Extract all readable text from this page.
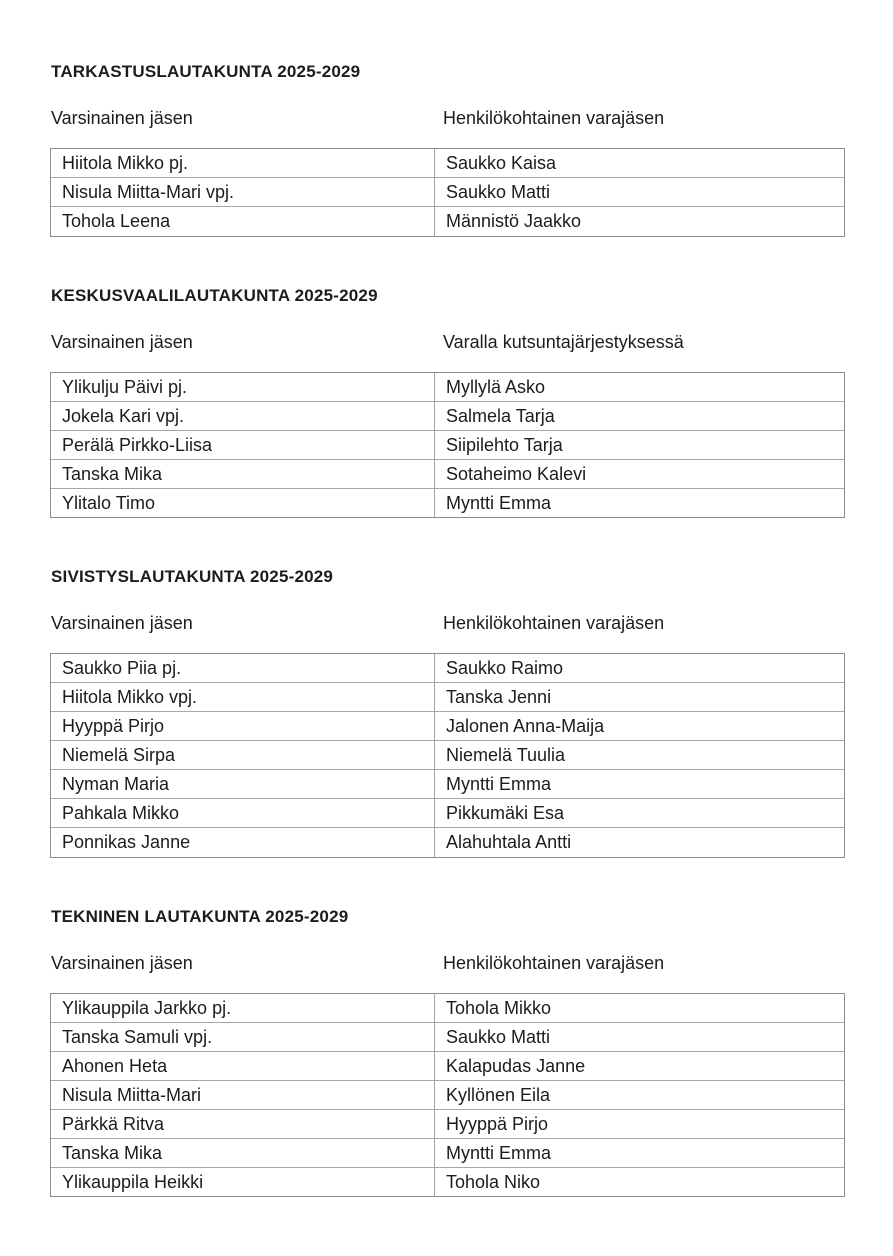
TARKASTUSLAUTAKUNTA 2025-2029
Varsinainen jäsen	Henkilökohtainen varajäsen
Hiitola Mikko pj.	Saukko Kaisa
Nisula Miitta-Mari vpj.	Saukko Matti
Tohola Leena	Männistö Jaakko
KESKUSVAALILAUTAKUNTA 2025-2029
Varsinainen jäsen	Varalla kutsuntajärjestyksessä
Ylikulju Päivi pj.	Myllylä Asko
Jokela Kari vpj.	Salmela Tarja
Perälä Pirkko-Liisa	Siipilehto Tarja
Tanska Mika	Sotaheimo Kalevi
Ylitalo Timo	Myntti Emma
SIVISTYSLAUTAKUNTA 2025-2029
Varsinainen jäsen	Henkilökohtainen varajäsen
Saukko Piia pj.	Saukko Raimo
Hiitola Mikko vpj.	Tanska Jenni
Hyyppä Pirjo	Jalonen Anna-Maija
Niemelä Sirpa	Niemelä Tuulia
Nyman Maria	Myntti Emma
Pahkala Mikko	Pikkumäki Esa
Ponnikas Janne	Alahuhtala Antti
TEKNINEN LAUTAKUNTA 2025-2029
Varsinainen jäsen	Henkilökohtainen varajäsen
Ylikauppila Jarkko pj.	Tohola Mikko
Tanska Samuli vpj.	Saukko Matti
Ahonen Heta	Kalapudas Janne
Nisula Miitta-Mari	Kyllönen Eila
Pärkkä Ritva	Hyyppä Pirjo
Tanska Mika	Myntti Emma
Ylikauppila Heikki	Tohola Niko
